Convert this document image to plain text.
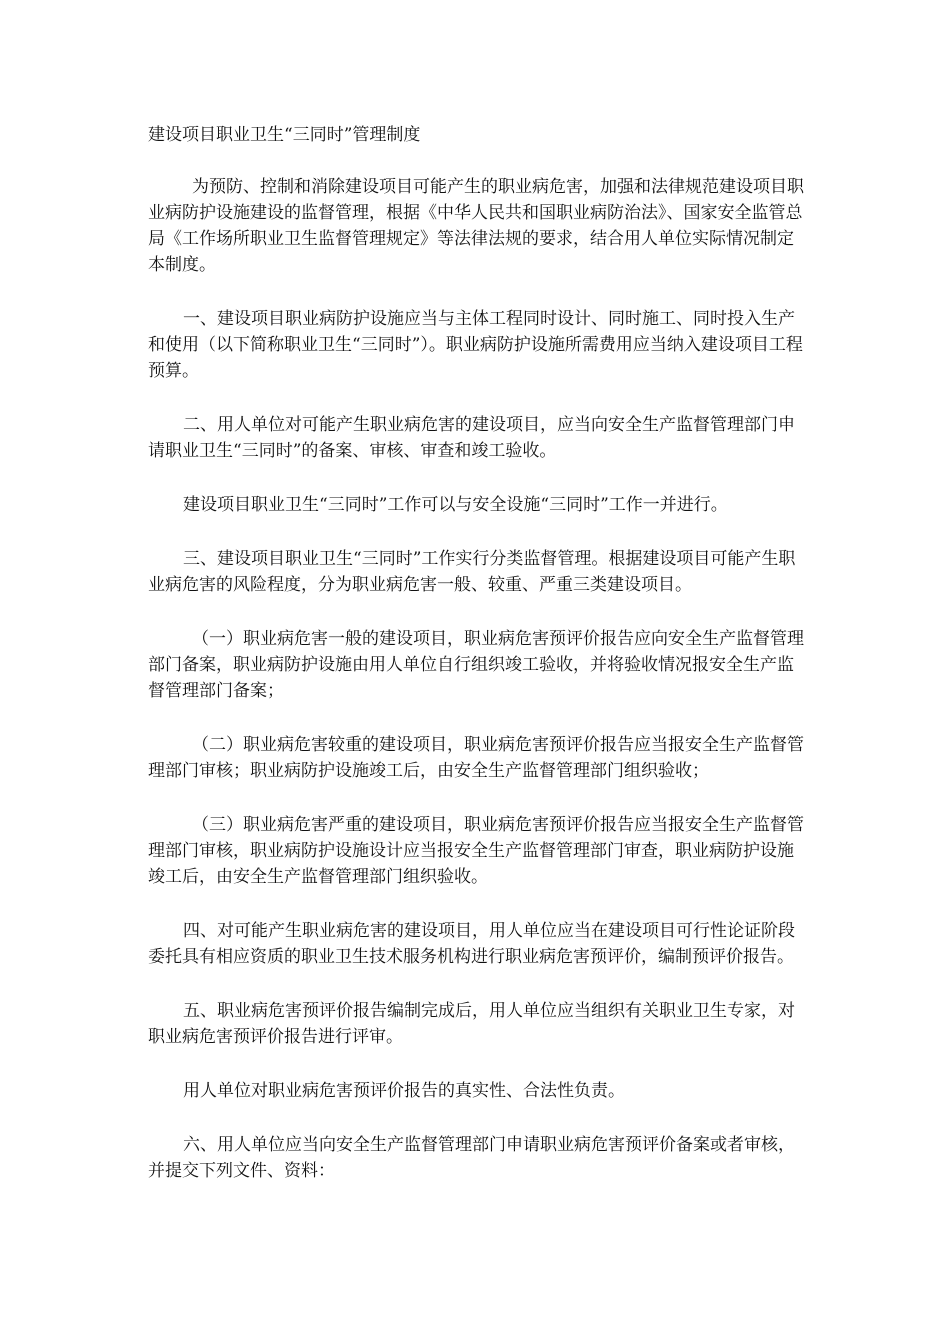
建设项目职业卫生“三同时”管理制度

为预防、控制和消除建设项目可能产生的职业病危害，加强和法律规范建设项目职业病防护设施建设的监督管理，根据《中华人民共和国职业病防治法》、国家安全监管总局《工作场所职业卫生监督管理规定》等法律法规的要求，结合用人单位实际情况制定本制度。

一、建设项目职业病防护设施应当与主体工程同时设计、同时施工、同时投入生产和使用（以下简称职业卫生“三同时”）。职业病防护设施所需费用应当纳入建设项目工程预算。

二、用人单位对可能产生职业病危害的建设项目，应当向安全生产监督管理部门申请职业卫生“三同时”的备案、审核、审查和竣工验收。

建设项目职业卫生“三同时”工作可以与安全设施“三同时”工作一并进行。

三、建设项目职业卫生“三同时”工作实行分类监督管理。根据建设项目可能产生职业病危害的风险程度，分为职业病危害一般、较重、严重三类建设项目。

（一）职业病危害一般的建设项目，职业病危害预评价报告应向安全生产监督管理部门备案，职业病防护设施由用人单位自行组织竣工验收，并将验收情况报安全生产监督管理部门备案；

（二）职业病危害较重的建设项目，职业病危害预评价报告应当报安全生产监督管理部门审核；职业病防护设施竣工后，由安全生产监督管理部门组织验收；

（三）职业病危害严重的建设项目，职业病危害预评价报告应当报安全生产监督管理部门审核，职业病防护设施设计应当报安全生产监督管理部门审查，职业病防护设施竣工后，由安全生产监督管理部门组织验收。

四、对可能产生职业病危害的建设项目，用人单位应当在建设项目可行性论证阶段委托具有相应资质的职业卫生技术服务机构进行职业病危害预评价，编制预评价报告。

五、职业病危害预评价报告编制完成后，用人单位应当组织有关职业卫生专家，对职业病危害预评价报告进行评审。

用人单位对职业病危害预评价报告的真实性、合法性负责。

六、用人单位应当向安全生产监督管理部门申请职业病危害预评价备案或者审核，并提交下列文件、资料：
